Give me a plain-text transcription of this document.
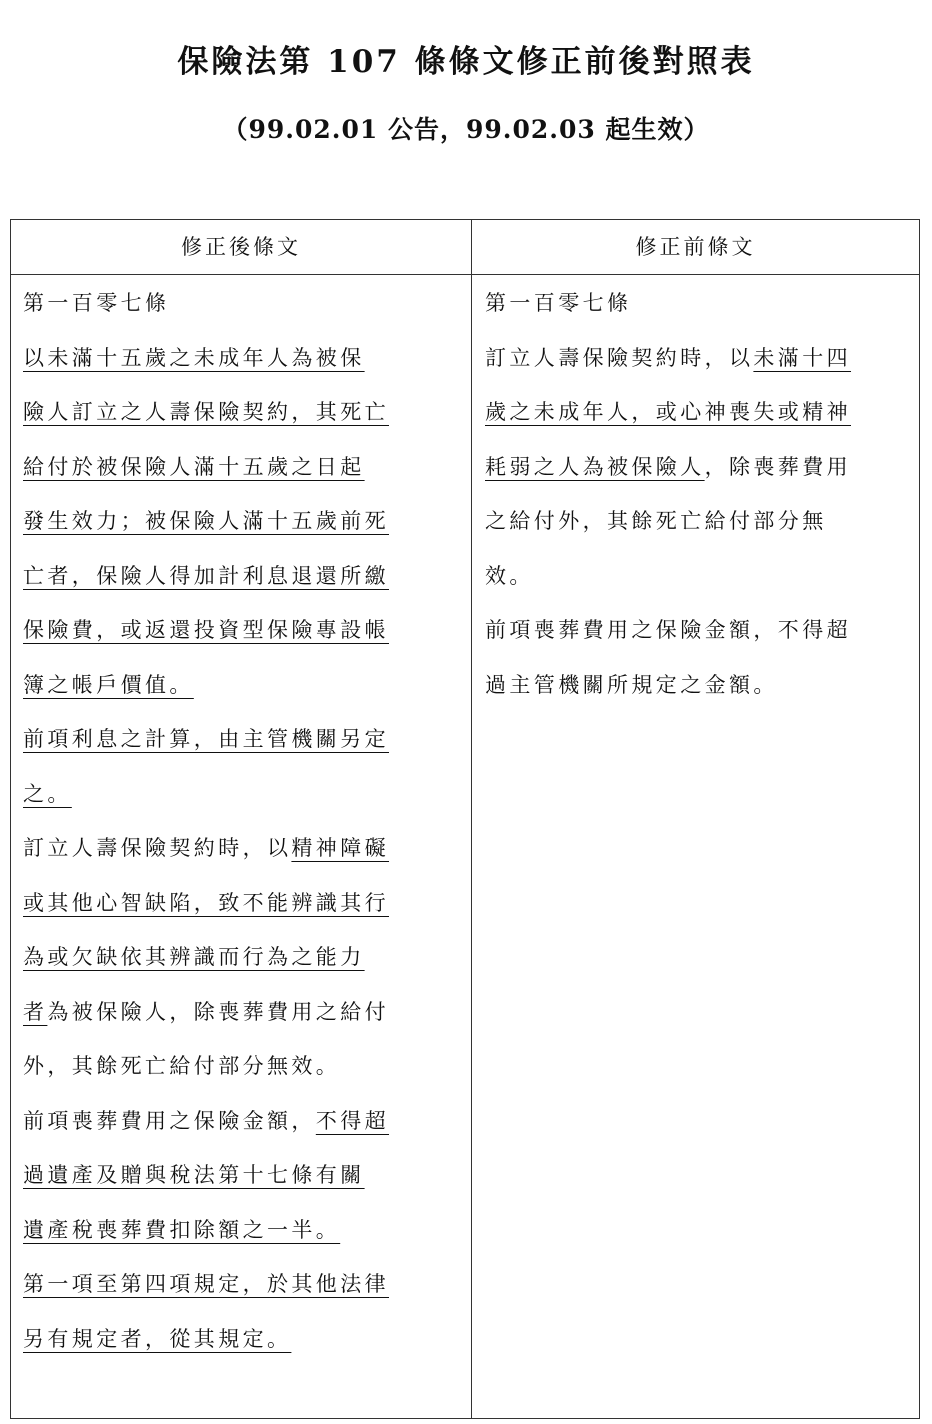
保險法第 107 條條文修正前後對照表
（99.02.01 公告，99.02.03 起生效）
修正後條文	修正前條文
第一百零七條
以未滿十五歲之未成年人為被保
險人訂立之人壽保險契約，其死亡
給付於被保險人滿十五歲之日起
發生效力；被保險人滿十五歲前死
亡者，保險人得加計利息退還所繳
保險費，或返還投資型保險專設帳
簿之帳戶價值。
前項利息之計算，由主管機關另定
之。
訂立人壽保險契約時，以精神障礙
或其他心智缺陷，致不能辨識其行
為或欠缺依其辨識而行為之能力
者為被保險人，除喪葬費用之給付
外，其餘死亡給付部分無效。
前項喪葬費用之保險金額，不得超
過遺產及贈與稅法第十七條有關
遺產稅喪葬費扣除額之一半。
第一項至第四項規定，於其他法律
另有規定者，從其規定。
第一百零七條
訂立人壽保險契約時，以未滿十四
歲之未成年人，或心神喪失或精神
耗弱之人為被保險人，除喪葬費用
之給付外，其餘死亡給付部分無
效。
前項喪葬費用之保險金額，不得超
過主管機關所規定之金額。
